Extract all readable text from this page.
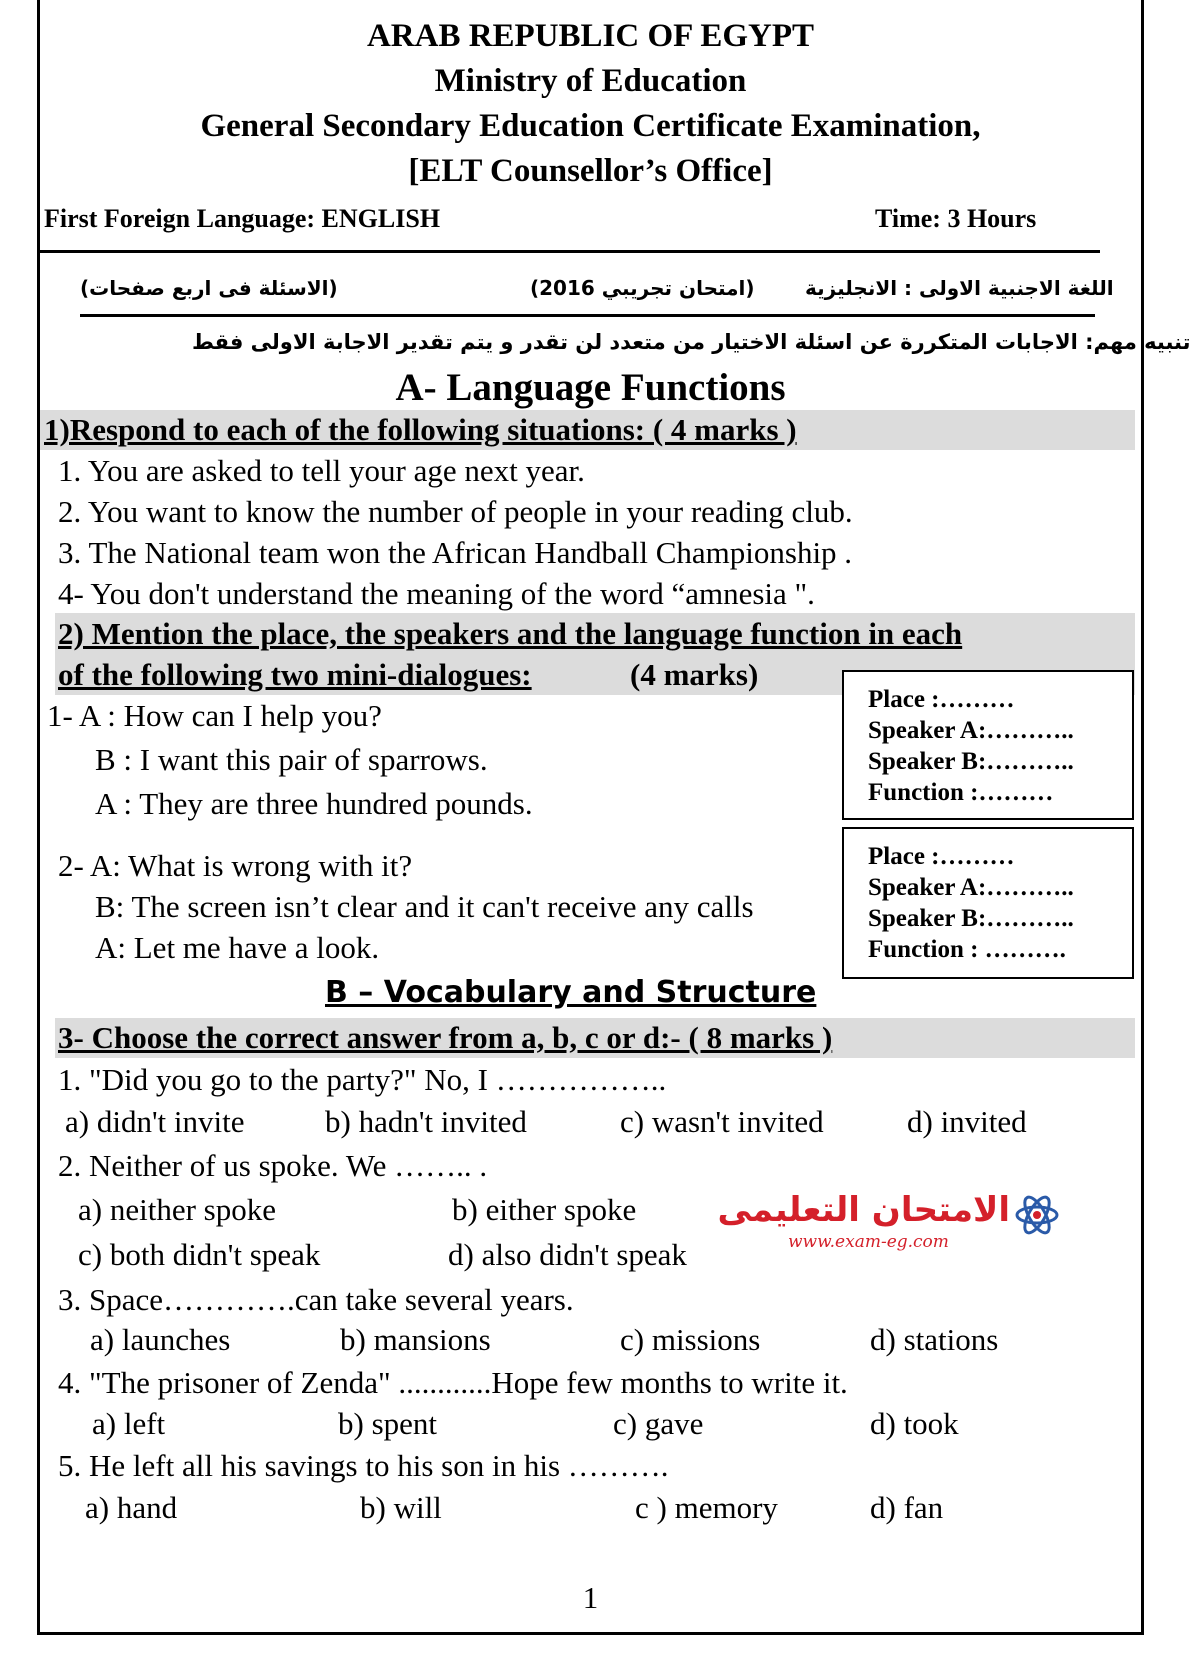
ARAB REPUBLIC OF EGYPT
Ministry of Education
General Secondary Education Certificate Examination,
[ELT Counsellor’s Office]
First Foreign Language: ENGLISH	Time: 3 Hours
(الاسئلة فى اربع صفحات)	(امتحان تجريبي 2016)	اللغة الاجنبية الاولى : الانجليزية
تنبيه مهم: الاجابات المتكررة عن اسئلة الاختيار من متعدد لن تقدر و يتم تقدير الاجابة الاولى فقط
A- Language Functions
1)Respond to each of the following situations: ( 4 marks )
1. You are asked to tell your age next year.
2. You want to know the number of people in your reading club.
3. The National team won the African Handball Championship .
4- You don't understand the meaning of the word “amnesia ".
2) Mention the place, the speakers and the language function in each
of the following two mini-dialogues:	(4 marks)
1- A : How can I help you?
B : I want this pair of sparrows.
A : They are three hundred pounds.
2- A: What is wrong with it?
B: The screen isn’t clear and it can't receive any calls
A: Let me have a look.
Place :………
Speaker A:………..
Speaker B:………..
Function :………
Place :………
Speaker A:………..
Speaker B:………..
Function : ……….
B – Vocabulary and Structure
3- Choose the correct answer from a, b, c or d:- ( 8 marks )
1. "Did you go to the party?" No, I ……………..
a) didn't invite	b) hadn't invited	c) wasn't invited	d) invited
2. Neither of us spoke. We …….. .
a) neither spoke	b) either spoke
c) both didn't speak	d) also didn't speak
الامتحان التعليمى
www.exam-eg.com
3. Space………….can take several years.
a) launches	b) mansions	c) missions	d) stations
4. "The prisoner of Zenda" ............Hope few months to write it.
a) left	b) spent	c) gave	d) took
5. He left all his savings to his son in his ……….
a) hand	b) will	c ) memory	d) fan
1
